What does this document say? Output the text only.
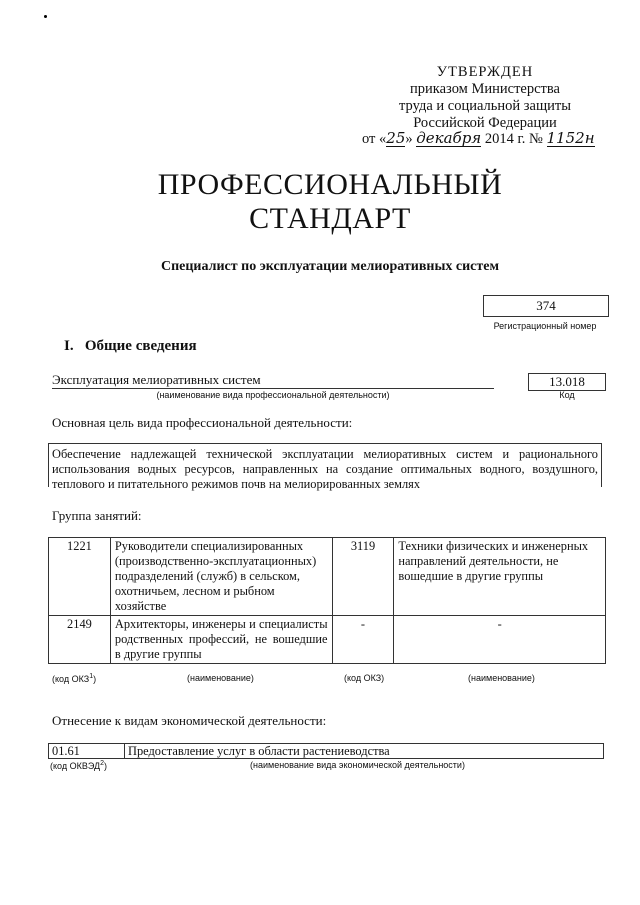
УТВЕРЖДЕН
приказом Министерства
труда и социальной защиты
Российской Федерации
от «25» декабря 2014 г. № 1152н
ПРОФЕССИОНАЛЬНЫЙ
СТАНДАРТ
Специалист по эксплуатации мелиоративных систем
374
Регистрационный номер
I.   Общие сведения
Эксплуатация мелиоративных систем
(наименование вида профессиональной деятельности)
13.018
Код
Основная цель вида профессиональной деятельности:
Обеспечение надлежащей технической эксплуатации мелиоративных систем и рационального использования водных ресурсов, направленных на создание оптимальных водного, воздушного, теплового и питательного режимов почв на мелиорированных землях
Группа занятий:
1221	Руководители специализированных (производственно-эксплуатационных) подразделений (служб) в сельском, охотничьем, лесном и рыбном хозяйстве	3119	Техники физических и инженерных направлений деятельности, не вошедшие в другие группы
2149	Архитекторы, инженеры и специалисты родственных профессий, не вошедшие в другие группы	-	-
(код ОКЗ$^1$)	(наименование)	(код ОКЗ)	(наименование)
Отнесение к видам экономической деятельности:
01.61	Предоставление услуг в области растениеводства
(код ОКВЭД$^2$)	(наименование вида экономической деятельности)
